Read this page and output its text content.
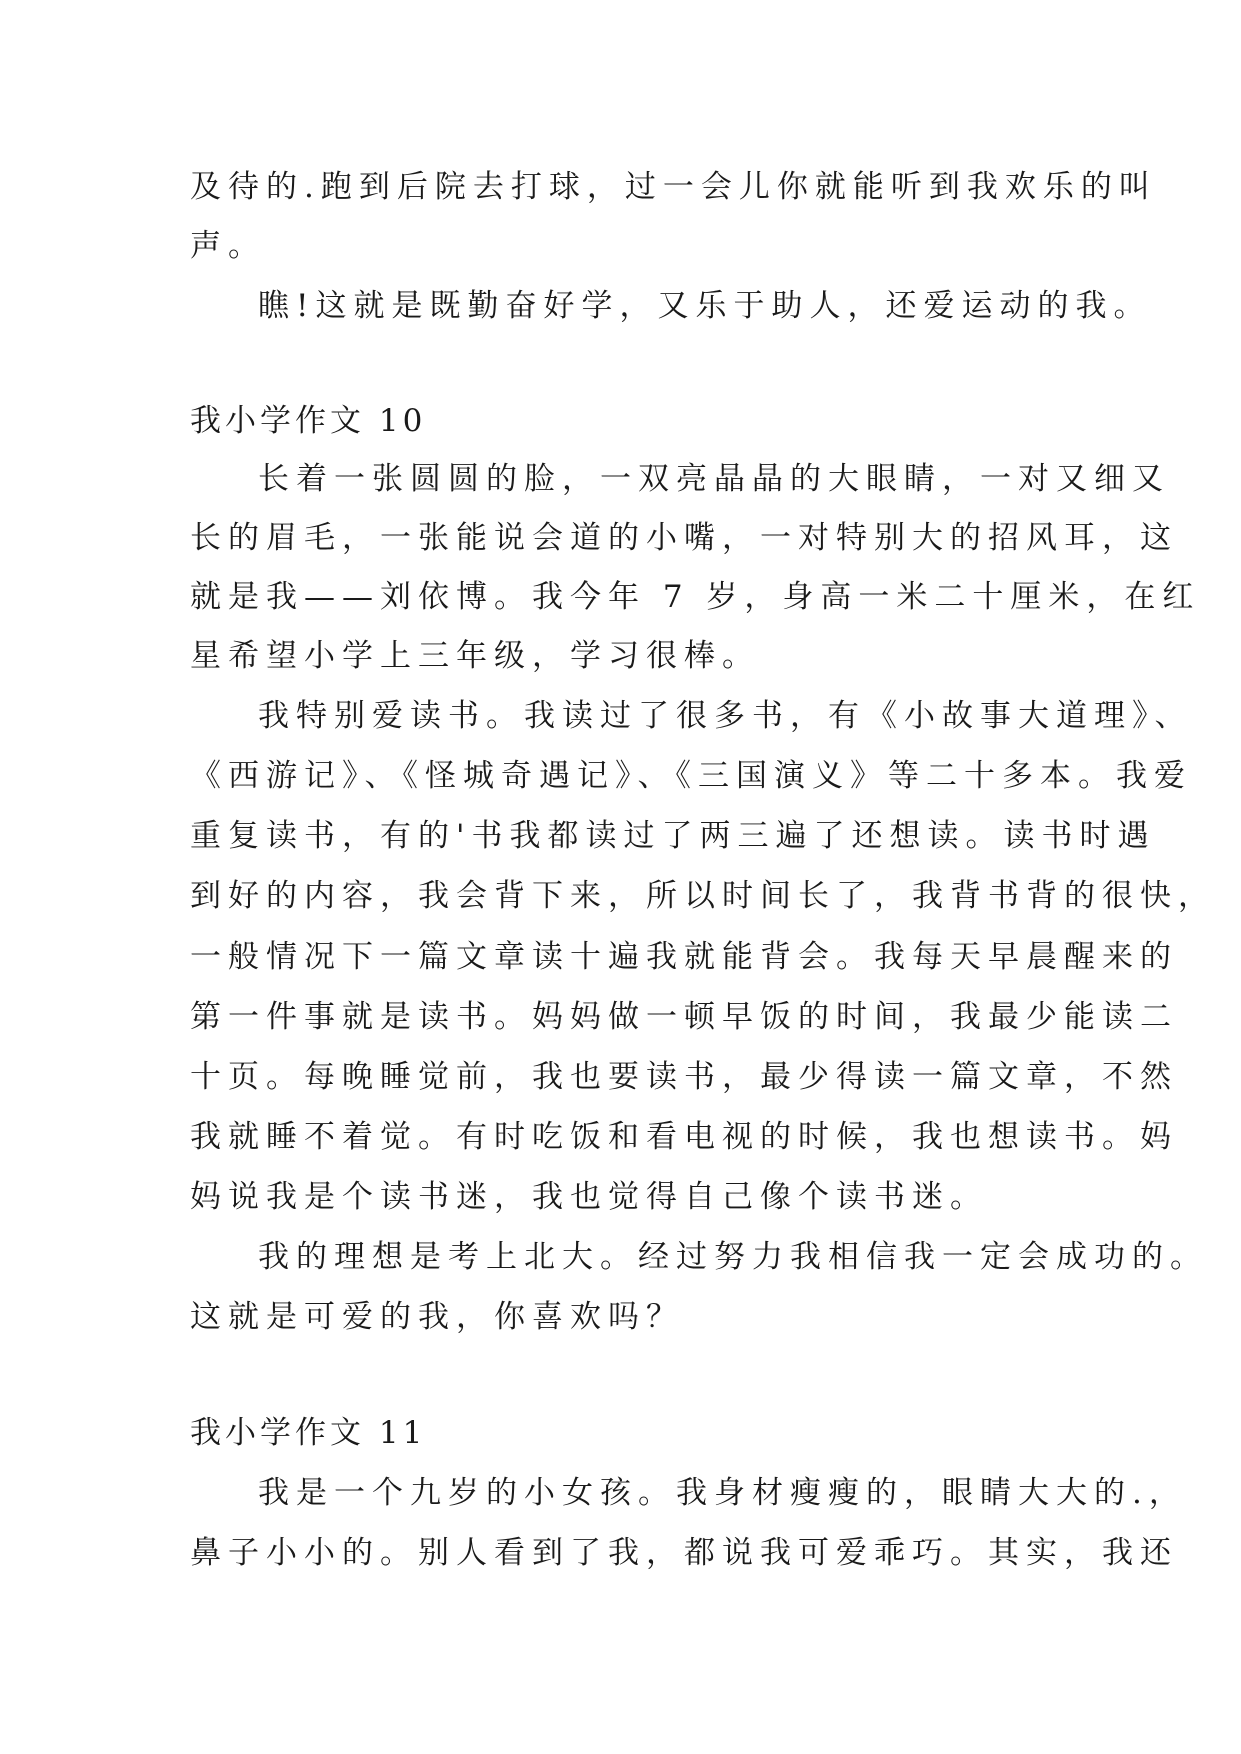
及待的.跑到后院去打球，过一会儿你就能听到我欢乐的叫
声。
瞧!这就是既勤奋好学，又乐于助人，还爱运动的我。
我小学作文 10
长着一张圆圆的脸，一双亮晶晶的大眼睛，一对又细又
长的眉毛，一张能说会道的小嘴，一对特别大的招风耳，这
就是我——刘依博。我今年 7 岁，身高一米二十厘米，在红
星希望小学上三年级，学习很棒。
我特别爱读书。我读过了很多书，有《小故事大道理》、
《西游记》、《怪城奇遇记》、《三国演义》等二十多本。我爱
重复读书，有的'书我都读过了两三遍了还想读。读书时遇
到好的内容，我会背下来，所以时间长了，我背书背的很快，
一般情况下一篇文章读十遍我就能背会。我每天早晨醒来的
第一件事就是读书。妈妈做一顿早饭的时间，我最少能读二
十页。每晚睡觉前，我也要读书，最少得读一篇文章，不然
我就睡不着觉。有时吃饭和看电视的时候，我也想读书。妈
妈说我是个读书迷，我也觉得自己像个读书迷。
我的理想是考上北大。经过努力我相信我一定会成功的。
这就是可爱的我，你喜欢吗？
我小学作文 11
我是一个九岁的小女孩。我身材瘦瘦的，眼睛大大的.，
鼻子小小的。别人看到了我，都说我可爱乖巧。其实，我还
